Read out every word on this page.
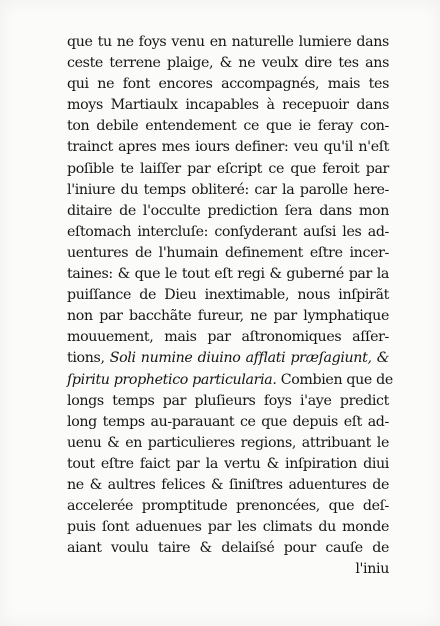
que tu ne foys venu en naturelle lumiere dans
ceste terrene plaige, & ne veulx dire tes ans
qui ne font encores accompagnés, mais tes
moys Martiaulx incapables à recepuoir dans
ton debile entendement ce que ie feray con-
trainct apres mes iours definer: veu qu'il n'eſt
poſible te laiſſer par eſcript ce que feroit par
l'iniure du temps obliteré: car la parolle here-
ditaire de l'occulte prediction ſera dans mon
eſtomach intercluſe: conſyderant auſsi les ad-
uentures de l'humain definement eſtre incer-
taines: & que le tout eſt regi & guberné par la
puiſſance de Dieu inextimable, nous inſpirãt
non par bacchãte fureur, ne par lymphatique
mouuement, mais par aſtronomiques aſſer-
tions, Soli numine diuino afflati præſagiunt, &
ſpiritu prophetico particularia. Combien que de
longs temps par pluſieurs foys i'aye predict
long temps au-parauant ce que depuis eſt ad-
uenu & en particulieres regions, attribuant le
tout eſtre faict par la vertu & inſpiration diui
ne & aultres felices & ſiniſtres aduentures de
accelerée promptitude prenoncées, que deſ-
puis ſont aduenues par les climats du monde
aiant voulu taire & delaiſsé pour cauſe de
l'iniu
